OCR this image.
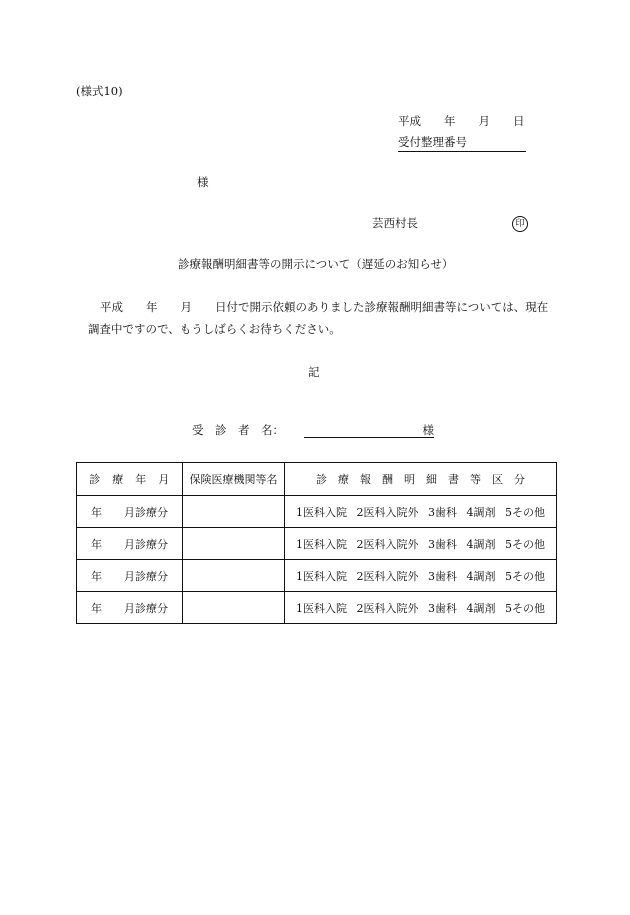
(様式10)
平成　　年　　月　　日
受付整理番号
様
芸西村長	印
診療報酬明細書等の開示について（遅延のお知らせ）
平成　　年　　月　　日付で開示依頼のありました診療報酬明細書等については、現在調査中ですので、もうしばらくお待ちください。
記
受　診　者　名：	様
診　療　年　月	保険医療機関等名	診　療　報　酬　明　細　書　等　区　分
年　　月診療分		1医科入院 2医科入院外 3歯科 4調剤 5その他
年　　月診療分		1医科入院 2医科入院外 3歯科 4調剤 5その他
年　　月診療分		1医科入院 2医科入院外 3歯科 4調剤 5その他
年　　月診療分		1医科入院 2医科入院外 3歯科 4調剤 5その他
